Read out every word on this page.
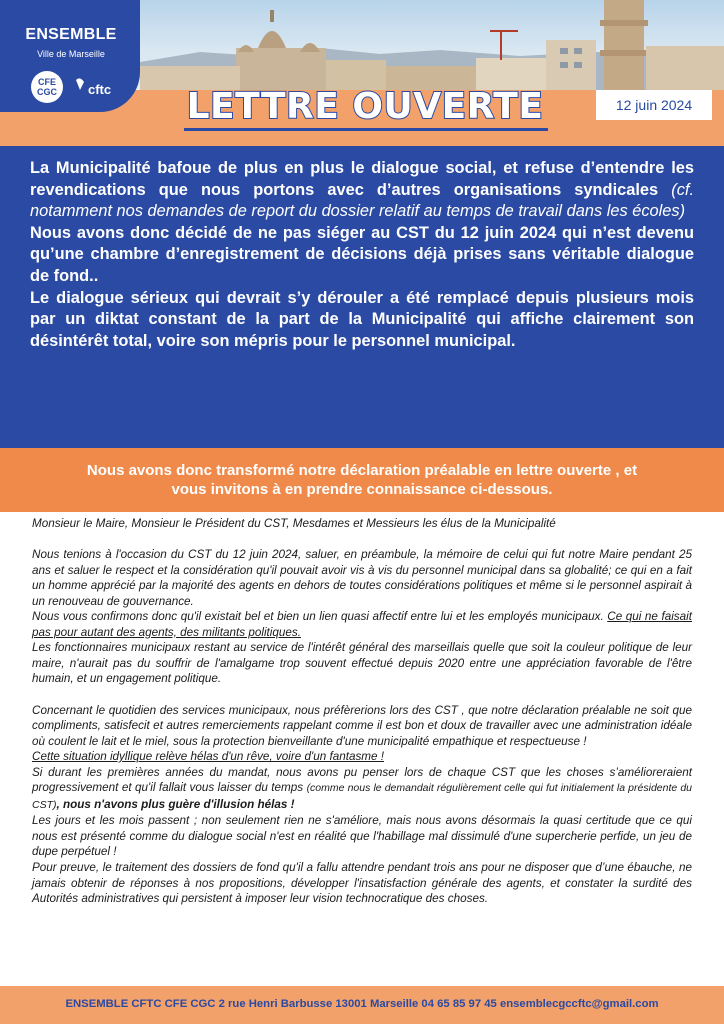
ENSEMBLE
Ville de Marseille
CFE
CGC cftc	LETTRE OUVERTE	12 juin 2024

La Municipalité bafoue de plus en plus le dialogue social, et refuse d’entendre les revendications que nous portons avec d’autres organisations syndicales (cf. notamment nos demandes de report du dossier relatif au temps de travail dans les écoles)

Nous avons donc décidé de ne pas siéger au CST du 12 juin 2024 qui n’est devenu qu’une chambre d’enregistrement de décisions déjà prises sans véritable dialogue de fond..

Le dialogue sérieux qui devrait s’y dérouler a été remplacé depuis plusieurs mois par un diktat constant de la part de la Municipalité qui affiche clairement son désintérêt total, voire son mépris pour le personnel municipal.

Nous avons donc transformé notre déclaration préalable en lettre ouverte , et

vous invitons à en prendre connaissance ci-dessous.

Monsieur le Maire, Monsieur le Président du CST, Mesdames et Messieurs les élus de la Municipalité

Nous tenions à l'occasion du CST du 12 juin 2024, saluer, en préambule, la mémoire de celui qui fut notre Maire pendant 25 ans et saluer le respect et la considération qu'il pouvait avoir vis à vis du personnel municipal dans sa globalité; ce qui en a fait un homme apprécié par la majorité des agents en dehors de toutes considérations politiques et même si le personnel aspirait à un renouveau de gouvernance.

Nous vous confirmons donc qu'il existait bel et bien un lien quasi affectif entre lui et les employés municipaux. Ce qui ne faisait pas pour autant des agents, des militants politiques.

Les fonctionnaires municipaux restant au service de l'intérêt général des marseillais quelle que soit la couleur politique de leur maire, n'aurait pas du souffrir de l'amalgame trop souvent effectué depuis 2020 entre une appréciation favorable de l'être humain, et un engagement politique.

Concernant le quotidien des services municipaux, nous préfèrerions lors des CST , que notre déclaration préalable ne soit que compliments, satisfecit et autres remerciements rappelant comme il est bon et doux de travailler avec une administration idéale où coulent le lait et le miel, sous la protection bienveillante d'une municipalité empathique et respectueuse !

Cette situation idyllique relève hélas d'un rêve, voire d'un fantasme !

Si durant les premières années du mandat, nous avons pu penser lors de chaque CST que les choses s’amélioreraient progressivement et qu'il fallait vous laisser du temps (comme nous le demandait régulièrement celle qui fut initialement la présidente du CST), nous n'avons plus guère d'illusion hélas !

Les jours et les mois passent ; non seulement rien ne s'améliore, mais nous avons désormais la quasi certitude que ce qui nous est présenté comme du dialogue social n'est en réalité que l'habillage mal dissimulé d'une supercherie perfide, un jeu de dupe perpétuel !

Pour preuve, le traitement des dossiers de fond qu'il a fallu attendre pendant trois ans pour ne disposer que d’une ébauche, ne jamais obtenir de réponses à nos propositions, développer l'insatisfaction générale des agents, et constater la surdité des Autorités administratives qui persistent à imposer leur vision technocratique des choses.

ENSEMBLE CFTC CFE CGC 2 rue Henri Barbusse 13001 Marseille 04 65 85 97 45 ensemblecgccftc@gmail.com
